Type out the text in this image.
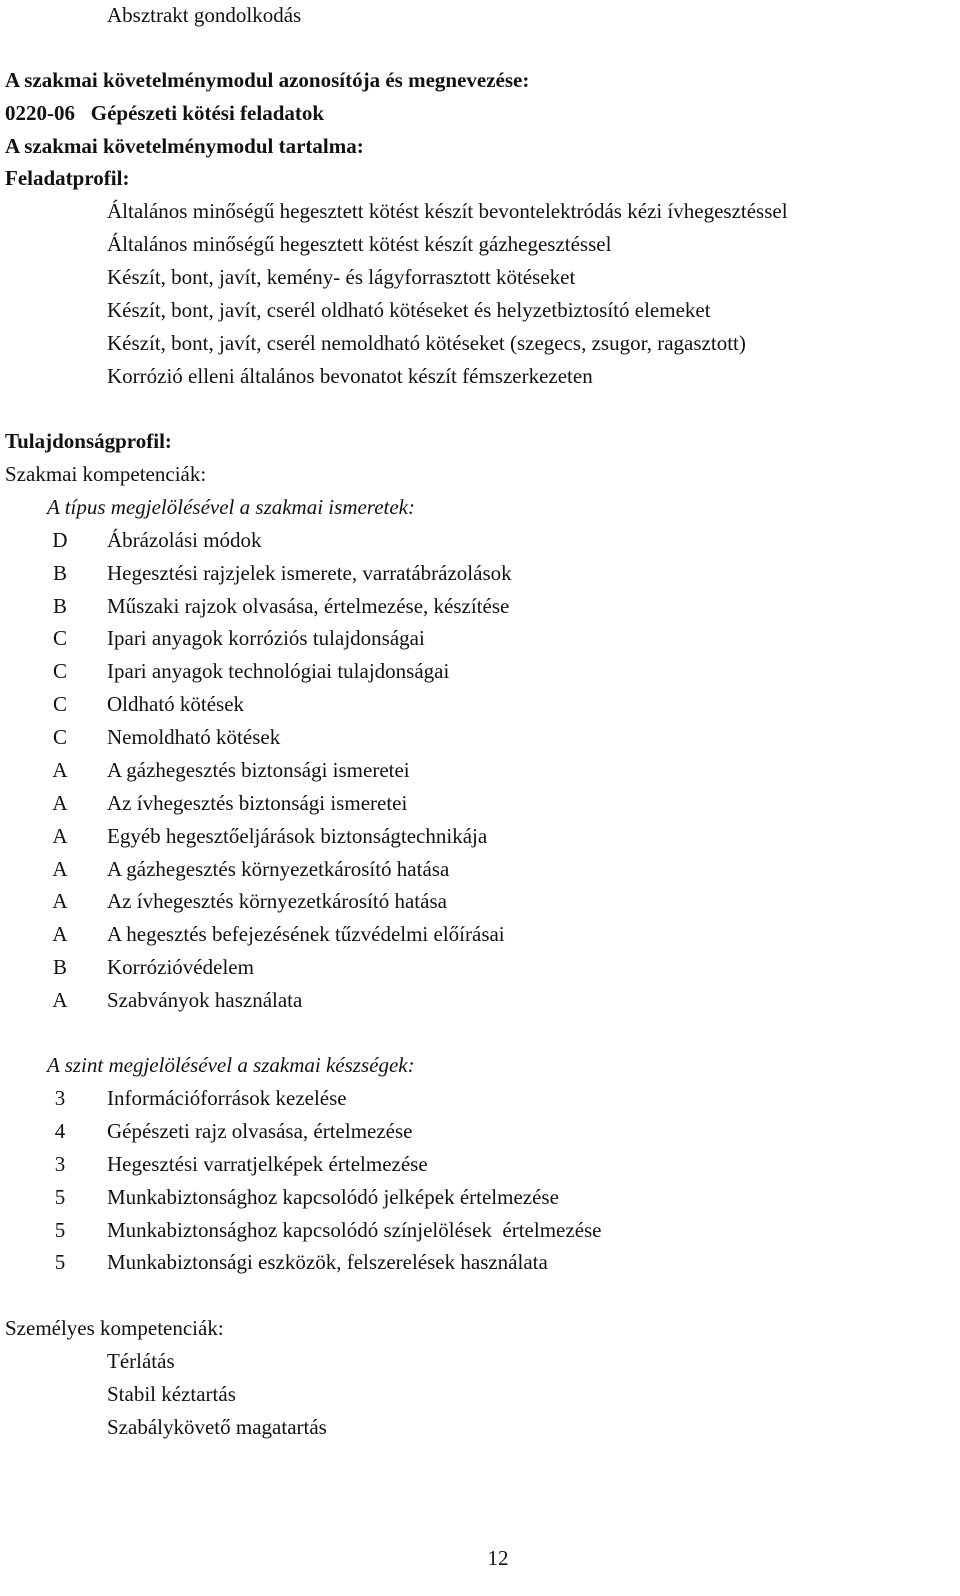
Absztrakt gondolkodás
A szakmai követelménymodul azonosítója és megnevezése:
0220-06   Gépészeti kötési feladatok
A szakmai követelménymodul tartalma:
Feladatprofil:
Általános minőségű hegesztett kötést készít bevontelektródás kézi ívhegesztéssel
Általános minőségű hegesztett kötést készít gázhegesztéssel
Készít, bont, javít, kemény- és lágyforrasztott kötéseket
Készít, bont, javít, cserél oldható kötéseket és helyzetbiztosító elemeket
Készít, bont, javít, cserél nemoldható kötéseket (szegecs, zsugor, ragasztott)
Korrózió elleni általános bevonatot készít fémszerkezeten
Tulajdonságprofil:
Szakmai kompetenciák:
A típus megjelölésével a szakmai ismeretek:
D Ábrázolási módok
B Hegesztési rajzjelek ismerete, varratábrázolások
B Műszaki rajzok olvasása, értelmezése, készítése
C Ipari anyagok korróziós tulajdonságai
C Ipari anyagok technológiai tulajdonságai
C Oldható kötések
C Nemoldható kötések
A A gázhegesztés biztonsági ismeretei
A Az ívhegesztés biztonsági ismeretei
A Egyéb hegesztőeljárások biztonságtechnikája
A A gázhegesztés környezetkárosító hatása
A Az ívhegesztés környezetkárosító hatása
A A hegesztés befejezésének tűzvédelmi előírásai
B Korrózióvédelem
A Szabványok használata
A szint megjelölésével a szakmai készségek:
3	Információforrások kezelése
4	Gépészeti rajz olvasása, értelmezése
3	Hegesztési varratjelképek értelmezése
5	Munkabiztonsághoz kapcsolódó jelképek értelmezése
5	Munkabiztonsághoz kapcsolódó színjelölések  értelmezése
5	Munkabiztonsági eszközök, felszerelések használata
Személyes kompetenciák:
Térlátás
Stabil kéztartás
Szabálykövető magatartás
12
